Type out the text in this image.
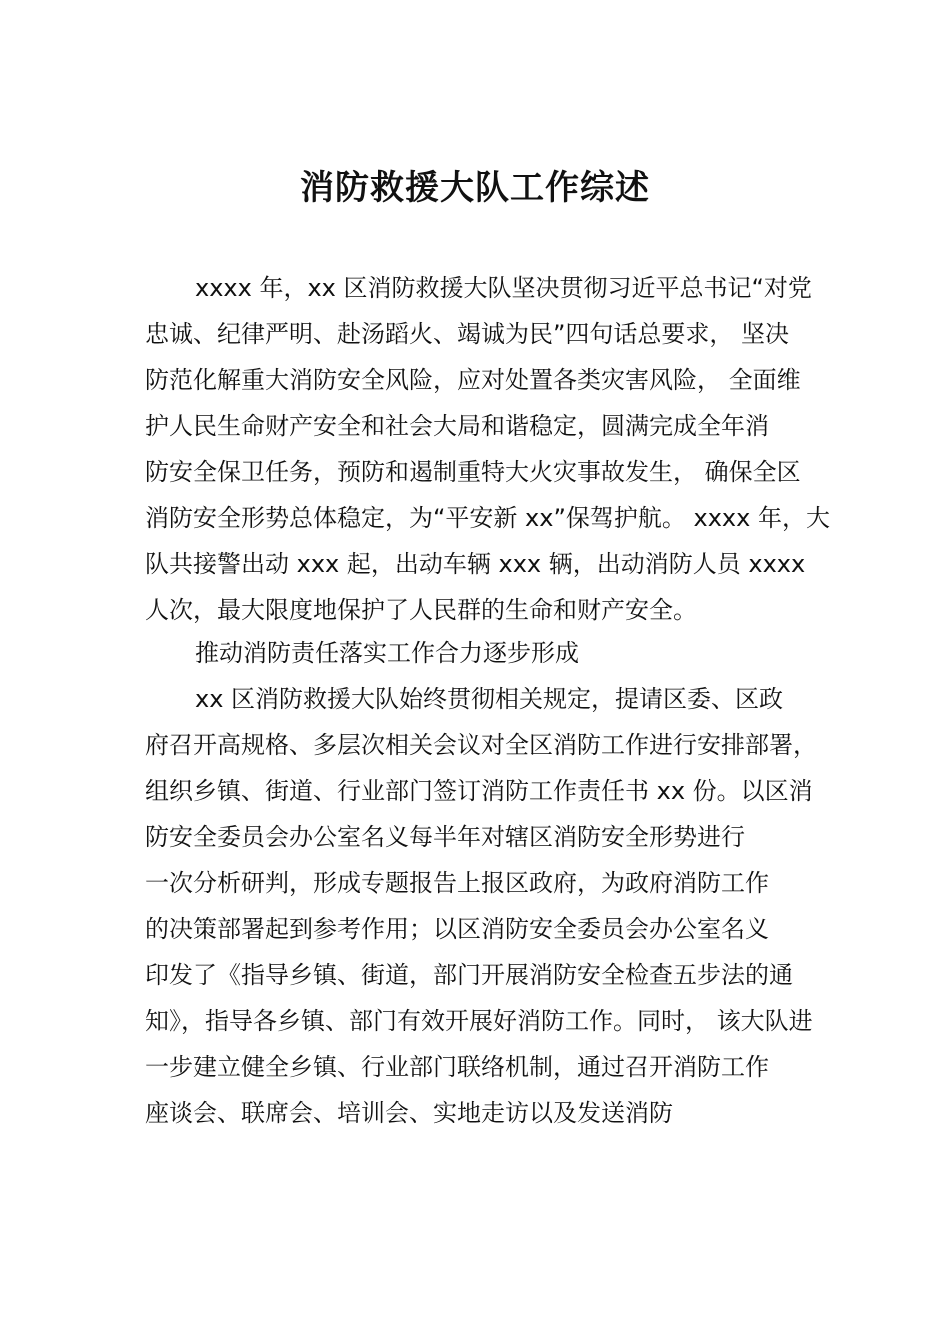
消防救援大队工作综述

xxxx 年，xx 区消防救援大队坚决贯彻习近平总书记“对党

忠诚、纪律严明、赴汤蹈火、竭诚为民”四句话总要求， 坚决

防范化解重大消防安全风险，应对处置各类灾害风险， 全面维

护人民生命财产安全和社会大局和谐稳定，圆满完成全年消

防安全保卫任务，预防和遏制重特大火灾事故发生， 确保全区

消防安全形势总体稳定，为“平安新 xx”保驾护航。 xxxx 年，大

队共接警出动 xxx 起，出动车辆 xxx 辆，出动消防人员 xxxx

人次，最大限度地保护了人民群的生命和财产安全。

推动消防责任落实工作合力逐步形成

xx 区消防救援大队始终贯彻相关规定，提请区委、区政

府召开高规格、多层次相关会议对全区消防工作进行安排部署，

组织乡镇、街道、行业部门签订消防工作责任书 xx 份。以区消

防安全委员会办公室名义每半年对辖区消防安全形势进行

一次分析研判，形成专题报告上报区政府，为政府消防工作

的决策部署起到参考作用；以区消防安全委员会办公室名义

印发了《指导乡镇、街道，部门开展消防安全检查五步法的通

知》，指导各乡镇、部门有效开展好消防工作。同时， 该大队进

一步建立健全乡镇、行业部门联络机制，通过召开消防工作

座谈会、联席会、培训会、实地走访以及发送消防
